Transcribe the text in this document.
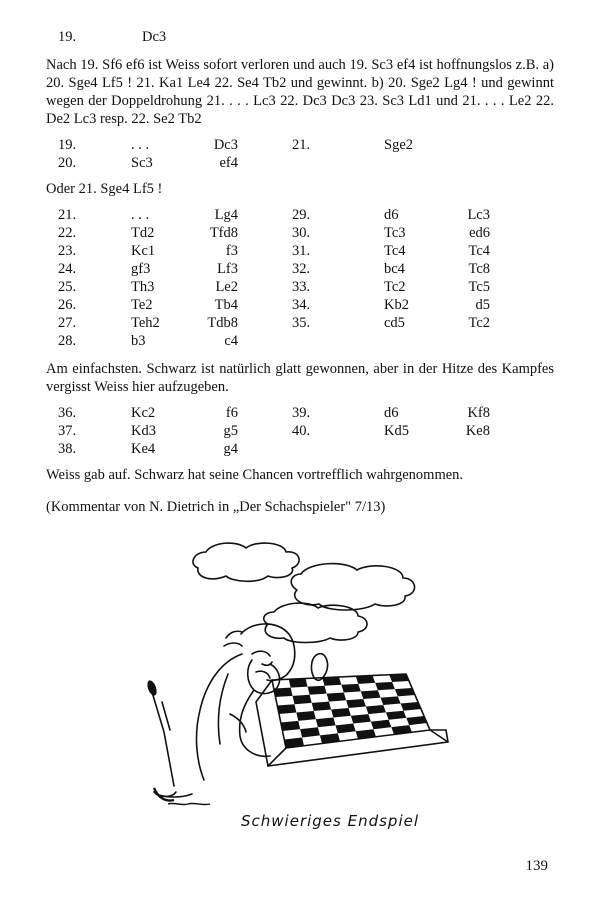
19.	Dc3

Nach 19. Sf6 ef6 ist Weiss sofort verloren und auch 19. Sc3 ef4 ist hoffnungslos z.B. a) 20. Sge4 Lf5 ! 21. Ka1 Le4 22. Se4 Tb2 und gewinnt. b) 20. Sge2 Lg4 ! und gewinnt wegen der Doppeldrohung 21. . . . Lc3 22. Dc3 Dc3 23. Sc3 Ld1 und 21. . . . Le2 22. De2 Lc3 resp. 22. Se2 Tb2

19.	. . .	Dc3	21.	Sge2
20.	Sc3	ef4

Oder 21. Sge4 Lf5 !

21.	. . .	Lg4	29.	d6	Lc3
22.	Td2	Tfd8	30.	Tc3	ed6
23.	Kc1	f3	31.	Tc4	Tc4
24.	gf3	Lf3	32.	bc4	Tc8
25.	Th3	Le2	33.	Tc2	Tc5
26.	Te2	Tb4	34.	Kb2	d5
27.	Teh2	Tdb8	35.	cd5	Tc2
28.	b3	c4

Am einfachsten. Schwarz ist natürlich glatt gewonnen, aber in der Hitze des Kampfes vergisst Weiss hier aufzugeben.

36.	Kc2	f6	39.	d6	Kf8
37.	Kd3	g5	40.	Kd5	Ke8
38.	Ke4	g4

Weiss gab auf. Schwarz hat seine Chancen vortrefflich wahrgenommen.

(Kommentar von N. Dietrich in „Der Schachspieler" 7/13)

Schwieriges Endspiel
139
